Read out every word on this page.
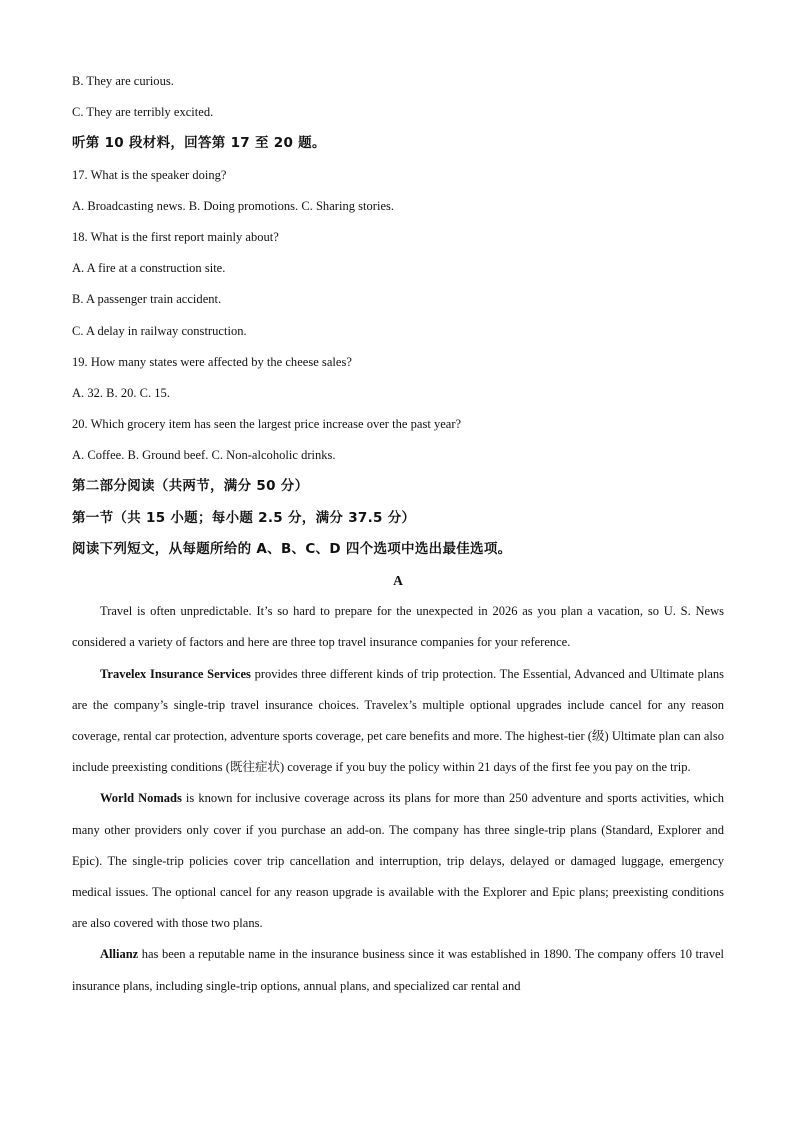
B. They are curious.
C. They are terribly excited.
听第 10 段材料，回答第 17 至 20 题。
17. What is the speaker doing?
A. Broadcasting news. B. Doing promotions. C. Sharing stories.
18. What is the first report mainly about?
A. A fire at a construction site.
B. A passenger train accident.
C. A delay in railway construction.
19. How many states were affected by the cheese sales?
A. 32. B. 20. C. 15.
20. Which grocery item has seen the largest price increase over the past year?
A. Coffee. B. Ground beef. C. Non-alcoholic drinks.
第二部分阅读（共两节，满分 50 分）
第一节（共 15 小题；每小题 2.5 分，满分 37.5 分）
阅读下列短文，从每题所给的 A、B、C、D 四个选项中选出最佳选项。
A

Travel is often unpredictable. It’s so hard to prepare for the unexpected in 2026 as you plan a vacation, so U. S. News considered a variety of factors and here are three top travel insurance companies for your reference.

Travelex Insurance Services provides three different kinds of trip protection. The Essential, Advanced and Ultimate plans are the company’s single-trip travel insurance choices. Travelex’s multiple optional upgrades include cancel for any reason coverage, rental car protection, adventure sports coverage, pet care benefits and more. The highest-tier (级) Ultimate plan can also include preexisting conditions (既往症状) coverage if you buy the policy within 21 days of the first fee you pay on the trip.

World Nomads is known for inclusive coverage across its plans for more than 250 adventure and sports activities, which many other providers only cover if you purchase an add-on. The company has three single-trip plans (Standard, Explorer and Epic). The single-trip policies cover trip cancellation and interruption, trip delays, delayed or damaged luggage, emergency medical issues. The optional cancel for any reason upgrade is available with the Explorer and Epic plans; preexisting conditions are also covered with those two plans.

Allianz has been a reputable name in the insurance business since it was established in 1890. The company offers 10 travel insurance plans, including single-trip options, annual plans, and specialized car rental and
